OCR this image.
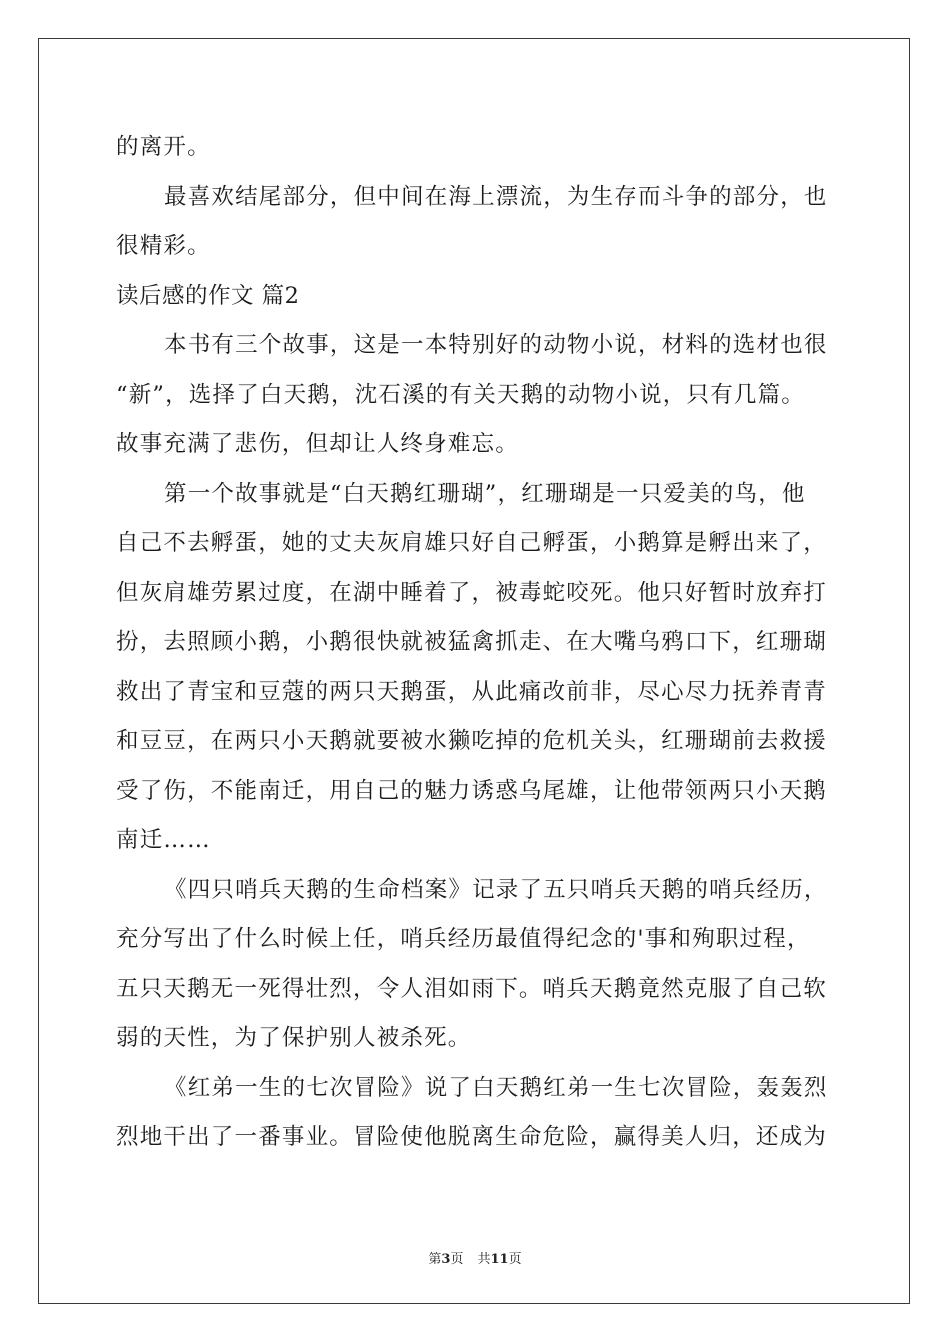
的离开。
最喜欢结尾部分，但中间在海上漂流，为生存而斗争的部分，也
很精彩。
读后感的作文 篇2
本书有三个故事，这是一本特别好的动物小说，材料的选材也很
“新”，选择了白天鹅，沈石溪的有关天鹅的动物小说，只有几篇。
故事充满了悲伤，但却让人终身难忘。
第一个故事就是“白天鹅红珊瑚”，红珊瑚是一只爱美的鸟，他
自己不去孵蛋，她的丈夫灰肩雄只好自己孵蛋，小鹅算是孵出来了，
但灰肩雄劳累过度，在湖中睡着了，被毒蛇咬死。他只好暂时放弃打
扮，去照顾小鹅，小鹅很快就被猛禽抓走、在大嘴乌鸦口下，红珊瑚
救出了青宝和豆蔻的两只天鹅蛋，从此痛改前非，尽心尽力抚养青青
和豆豆，在两只小天鹅就要被水獭吃掉的危机关头，红珊瑚前去救援
受了伤，不能南迁，用自己的魅力诱惑乌尾雄，让他带领两只小天鹅
南迁……
《四只哨兵天鹅的生命档案》记录了五只哨兵天鹅的哨兵经历，
充分写出了什么时候上任，哨兵经历最值得纪念的'事和殉职过程，
五只天鹅无一死得壮烈，令人泪如雨下。哨兵天鹅竟然克服了自己软
弱的天性，为了保护别人被杀死。
《红弟一生的七次冒险》说了白天鹅红弟一生七次冒险，轰轰烈
烈地干出了一番事业。冒险使他脱离生命危险，赢得美人归，还成为
第3页 共11页
